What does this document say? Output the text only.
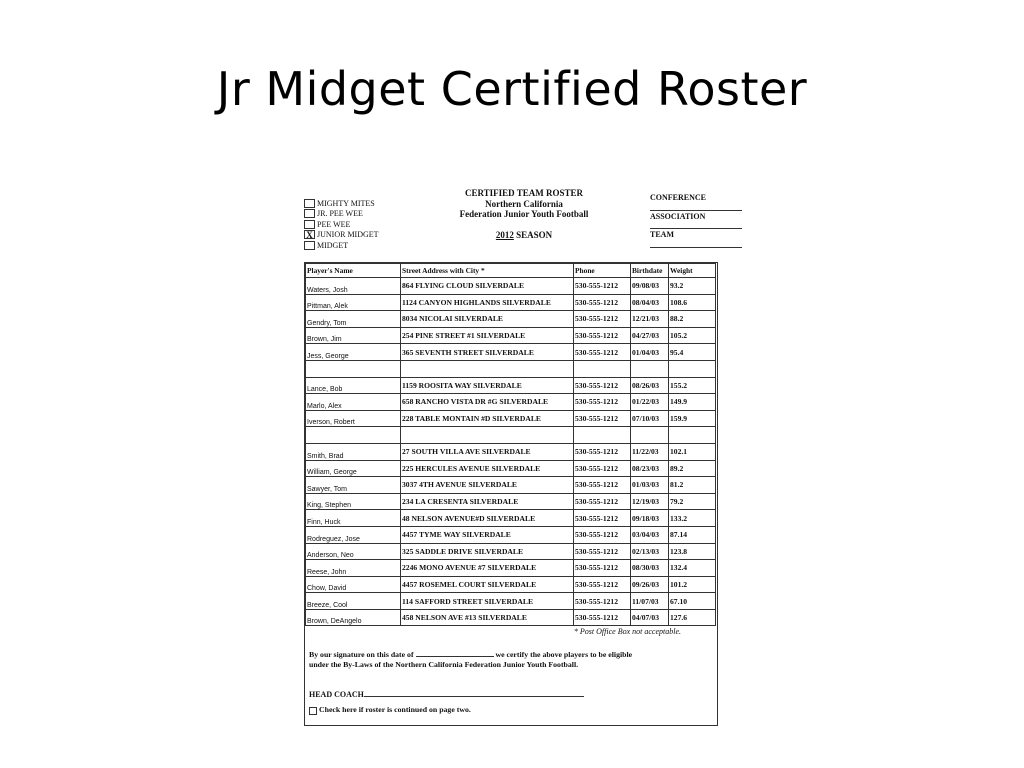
Jr Midget Certified Roster
MIGHTY MITES
JR. PEE WEE
PEE WEE
X JUNIOR MIDGET
MIDGET
CERTIFIED TEAM ROSTER
Northern California
Federation Junior Youth Football
2012 SEASON
CONFERENCE
ASSOCIATION
TEAM
Player's Name	Street Address with City *	Phone	Birthdate	Weight
Waters, Josh	864 FLYING CLOUD SILVERDALE	530-555-1212	09/08/03	93.2
Pittman, Alek	1124 CANYON HIGHLANDS SILVERDALE	530-555-1212	08/04/03	108.6
Gendry, Tom	8034 NICOLAI SILVERDALE	530-555-1212	12/21/03	88.2
Brown, Jim	254 PINE STREET #1 SILVERDALE	530-555-1212	04/27/03	105.2
Jess, George	365 SEVENTH STREET SILVERDALE	530-555-1212	01/04/03	95.4

Lance, Bob	1159 ROOSITA WAY SILVERDALE	530-555-1212	08/26/03	155.2
Marlo, Alex	658 RANCHO VISTA DR #G SILVERDALE	530-555-1212	01/22/03	149.9
Iverson, Robert	228 TABLE MONTAIN #D SILVERDALE	530-555-1212	07/10/03	159.9

Smith, Brad	27 SOUTH VILLA AVE SILVERDALE	530-555-1212	11/22/03	102.1
William, George	225 HERCULES AVENUE SILVERDALE	530-555-1212	08/23/03	89.2
Sawyer, Tom	3037 4TH AVENUE SILVERDALE	530-555-1212	01/03/03	81.2
King, Stephen	234 LA CRESENTA SILVERDALE	530-555-1212	12/19/03	79.2
Finn, Huck	48 NELSON AVENUE#D SILVERDALE	530-555-1212	09/18/03	133.2
Rodreguez, Jose	4457 TYME WAY SILVERDALE	530-555-1212	03/04/03	87.14
Anderson, Neo	325 SADDLE DRIVE SILVERDALE	530-555-1212	02/13/03	123.8
Reese, John	2246 MONO AVENUE #7 SILVERDALE	530-555-1212	08/30/03	132.4
Chow, David	4457 ROSEMEL COURT SILVERDALE	530-555-1212	09/26/03	101.2
Breeze, Cool	114 SAFFORD STREET SILVERDALE	530-555-1212	11/07/03	67.10
Brown, DeAngelo	458 NELSON AVE #13 SILVERDALE	530-555-1212	04/07/03	127.6
* Post Office Box not acceptable.
By our signature on this date of	we certify the above players to be eligible
under the By-Laws of the Northern California Federation Junior Youth Football.
HEAD COACH
Check here if roster is continued on page two.
